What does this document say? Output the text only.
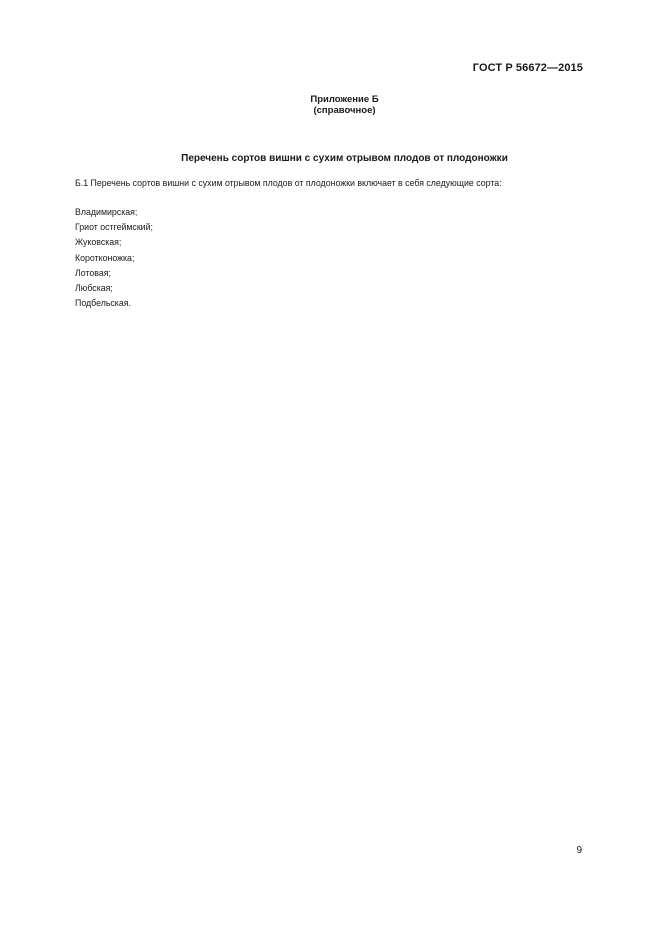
ГОСТ Р 56672—2015
Приложение Б
(справочное)
Перечень сортов вишни с сухим отрывом плодов от плодоножки
Б.1 Перечень сортов вишни с сухим отрывом плодов от плодоножки включает в себя следующие сорта:
Владимирская;
Гриот остгеймский;
Жуковская;
Коротконожка;
Лотовая;
Любская;
Подбельская.
9
